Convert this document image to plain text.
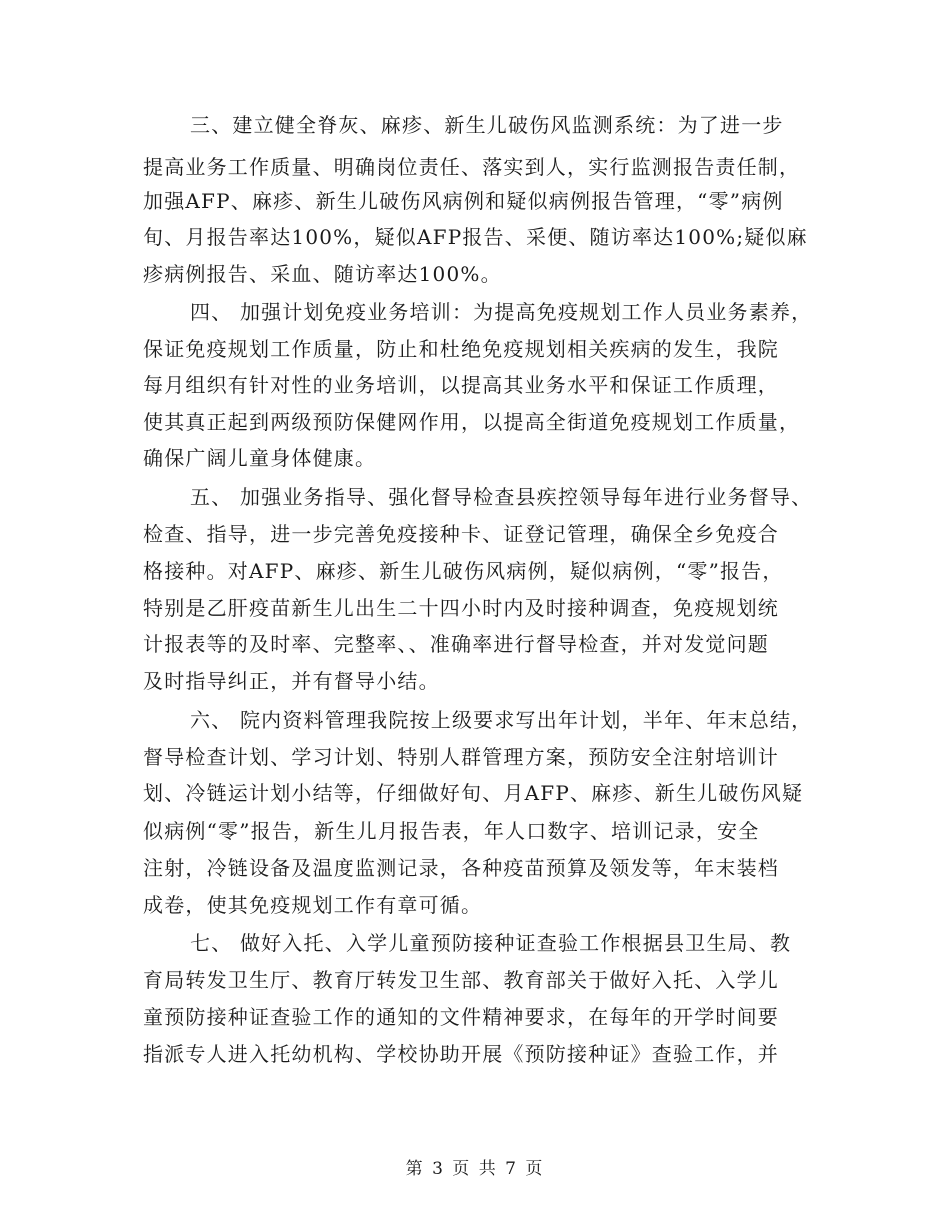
三、建立健全脊灰、麻疹、新生儿破伤风监测系统：为了进一步
提高业务工作质量、明确岗位责任、落实到人，实行监测报告责任制，
加强AFP、麻疹、新生儿破伤风病例和疑似病例报告管理，“零”病例
旬、月报告率达100%，疑似AFP报告、采便、随访率达100%;疑似麻
疹病例报告、采血、随访率达100%。
四、 加强计划免疫业务培训：为提高免疫规划工作人员业务素养，
保证免疫规划工作质量，防止和杜绝免疫规划相关疾病的发生，我院
每月组织有针对性的业务培训，以提高其业务水平和保证工作质理，
使其真正起到两级预防保健网作用，以提高全街道免疫规划工作质量，
确保广阔儿童身体健康。
五、 加强业务指导、强化督导检查县疾控领导每年进行业务督导、
检查、指导，进一步完善免疫接种卡、证登记管理，确保全乡免疫合
格接种。对AFP、麻疹、新生儿破伤风病例，疑似病例，“零”报告，
特别是乙肝疫苗新生儿出生二十四小时内及时接种调查，免疫规划统
计报表等的及时率、完整率、、准确率进行督导检查，并对发觉问题
及时指导纠正，并有督导小结。
六、 院内资料管理我院按上级要求写出年计划，半年、年末总结，
督导检查计划、学习计划、特别人群管理方案，预防安全注射培训计
划、冷链运计划小结等，仔细做好旬、月AFP、麻疹、新生儿破伤风疑
似病例“零”报告，新生儿月报告表，年人口数字、培训记录，安全
注射，冷链设备及温度监测记录，各种疫苗预算及领发等，年末装档
成卷，使其免疫规划工作有章可循。
七、 做好入托、入学儿童预防接种证查验工作根据县卫生局、教
育局转发卫生厅、教育厅转发卫生部、教育部关于做好入托、入学儿
童预防接种证查验工作的通知的文件精神要求，在每年的开学时间要
指派专人进入托幼机构、学校协助开展《预防接种证》查验工作，并
第 3 页 共 7 页
